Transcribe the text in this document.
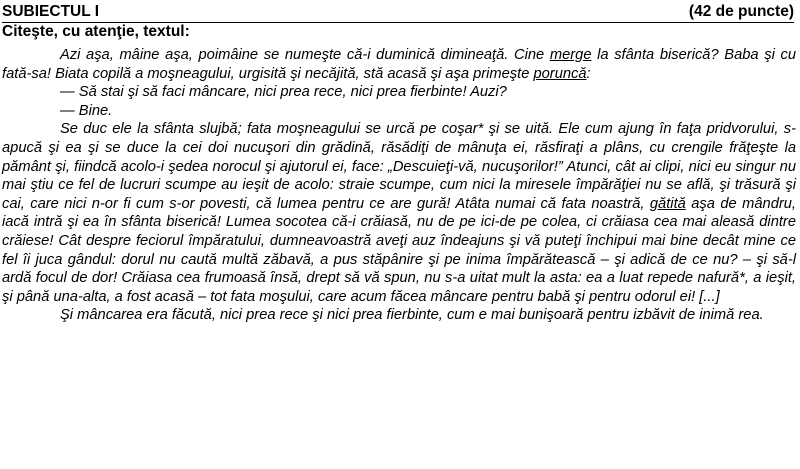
SUBIECTUL I	(42 de puncte)
Citeşte, cu atenţie, textul:

Azi aşa, mâine aşa, poimâine se numeşte că-i duminică dimineaţă. Cine merge la sfânta biserică? Baba şi cu fată-sa! Biata copilă a moşneagului, urgisită şi necăjită, stă acasă şi aşa primeşte poruncă:

— Să stai şi să faci mâncare, nici prea rece, nici prea fierbinte! Auzi?

— Bine.

Se duc ele la sfânta slujbă; fata moşneagului se urcă pe coşar* şi se uită. Ele cum ajung în faţa pridvorului, s-apucă şi ea şi se duce la cei doi nucuşori din grădină, răsădiţi de mânuţa ei, răsfiraţi a plâns, cu crengile frăţeşte la pământ şi, fiindcă acolo-i şedea norocul şi ajutorul ei, face: „Descuieţi-vă, nucuşorilor!” Atunci, cât ai clipi, nici eu singur nu mai ştiu ce fel de lucruri scumpe au ieşit de acolo: straie scumpe, cum nici la miresele împărăţiei nu se află, şi trăsură şi cai, care nici n-or fi cum s-or povesti, că lumea pentru ce are gură! Atâta numai că fata noastră, gătită aşa de mândru, iacă intră şi ea în sfânta biserică! Lumea socotea că-i crăiasă, nu de pe ici-de pe colea, ci crăiasa cea mai aleasă dintre crăiese! Cât despre feciorul împăratului, dumneavoastră aveţi auz îndeajuns şi vă puteţi închipui mai bine decât mine ce fel îi juca gândul: dorul nu caută multă zăbavă, a pus stăpânire şi pe inima împărătească – şi adică de ce nu? – şi să-l ardă focul de dor! Crăiasa cea frumoasă însă, drept să vă spun, nu s-a uitat mult la asta: ea a luat repede nafură*, a ieşit, şi până una-alta, a fost acasă – tot fata moşului, care acum făcea mâncare pentru babă şi pentru odorul ei! [...]

Şi mâncarea era făcută, nici prea rece şi nici prea fierbinte, cum e mai bunişoară pentru izbăvit de inimă rea.
